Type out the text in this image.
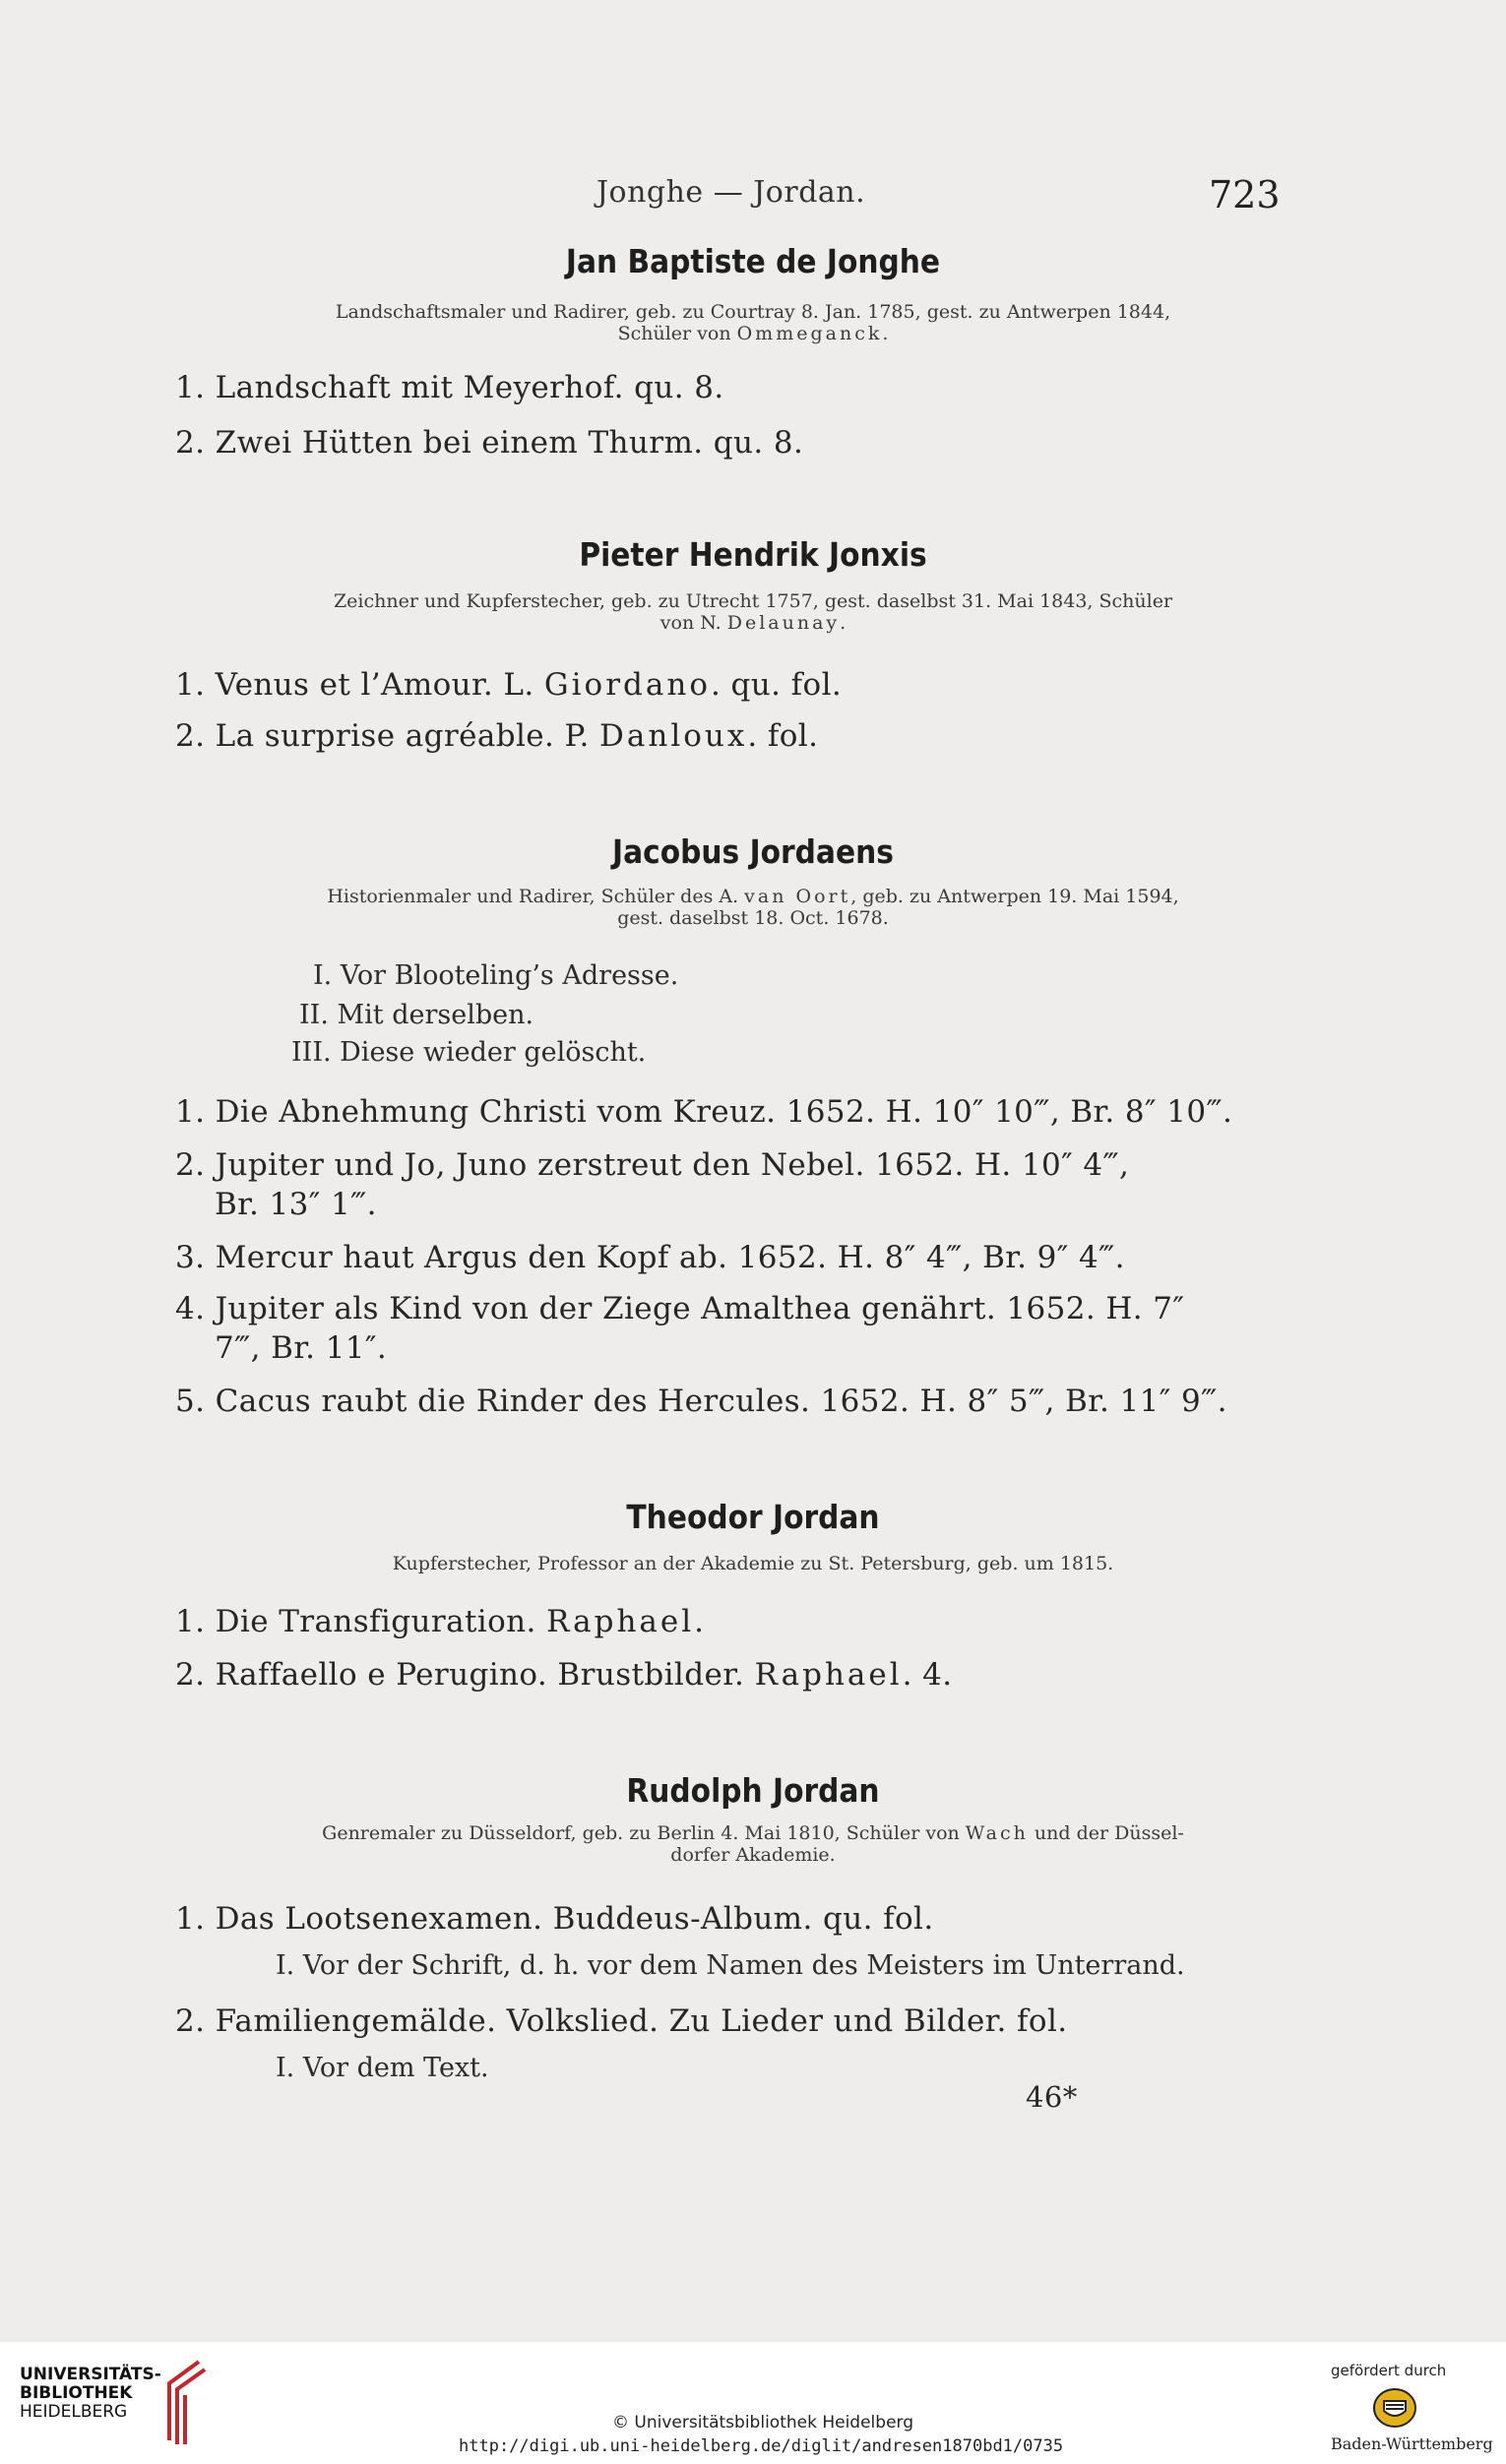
Jonghe — Jordan.	723
Jan Baptiste de Jonghe
Landschaftsmaler und Radirer, geb. zu Courtray 8. Jan. 1785, gest. zu Antwerpen 1844,
Schüler von Ommeganck.
1. Landschaft mit Meyerhof. qu. 8.
2. Zwei Hütten bei einem Thurm. qu. 8.
Pieter Hendrik Jonxis
Zeichner und Kupferstecher, geb. zu Utrecht 1757, gest. daselbst 31. Mai 1843, Schüler
von N. Delaunay.
1. Venus et l’Amour. L. Giordano. qu. fol.
2. La surprise agréable. P. Danloux. fol.
Jacobus Jordaens
Historienmaler und Radirer, Schüler des A. van Oort, geb. zu Antwerpen 19. Mai 1594,
gest. daselbst 18. Oct. 1678.
I. Vor Blooteling’s Adresse.
II. Mit derselben.
III. Diese wieder gelöscht.
1. Die Abnehmung Christi vom Kreuz. 1652. H. 10″ 10‴, Br. 8″ 10‴.
2. Jupiter und Jo, Juno zerstreut den Nebel. 1652. H. 10″ 4‴,
Br. 13″ 1‴.
3. Mercur haut Argus den Kopf ab. 1652. H. 8″ 4‴, Br. 9″ 4‴.
4. Jupiter als Kind von der Ziege Amalthea genährt. 1652. H. 7″
7‴, Br. 11″.
5. Cacus raubt die Rinder des Hercules. 1652. H. 8″ 5‴, Br. 11″ 9‴.
Theodor Jordan
Kupferstecher, Professor an der Akademie zu St. Petersburg, geb. um 1815.
1. Die Transfiguration. Raphael.
2. Raffaello e Perugino. Brustbilder. Raphael. 4.
Rudolph Jordan
Genremaler zu Düsseldorf, geb. zu Berlin 4. Mai 1810, Schüler von Wach und der Düssel-
dorfer Akademie.
1. Das Lootsenexamen. Buddeus-Album. qu. fol.
I. Vor der Schrift, d. h. vor dem Namen des Meisters im Unterrand.
2. Familiengemälde. Volkslied. Zu Lieder und Bilder. fol.
I. Vor dem Text.
46*
UNIVERSITÄTS-
BIBLIOTHEK
HEIDELBERG
© Universitätsbibliothek Heidelberg
http://digi.ub.uni-heidelberg.de/diglit/andresen1870bd1/0735
gefördert durch
Baden-Württemberg
